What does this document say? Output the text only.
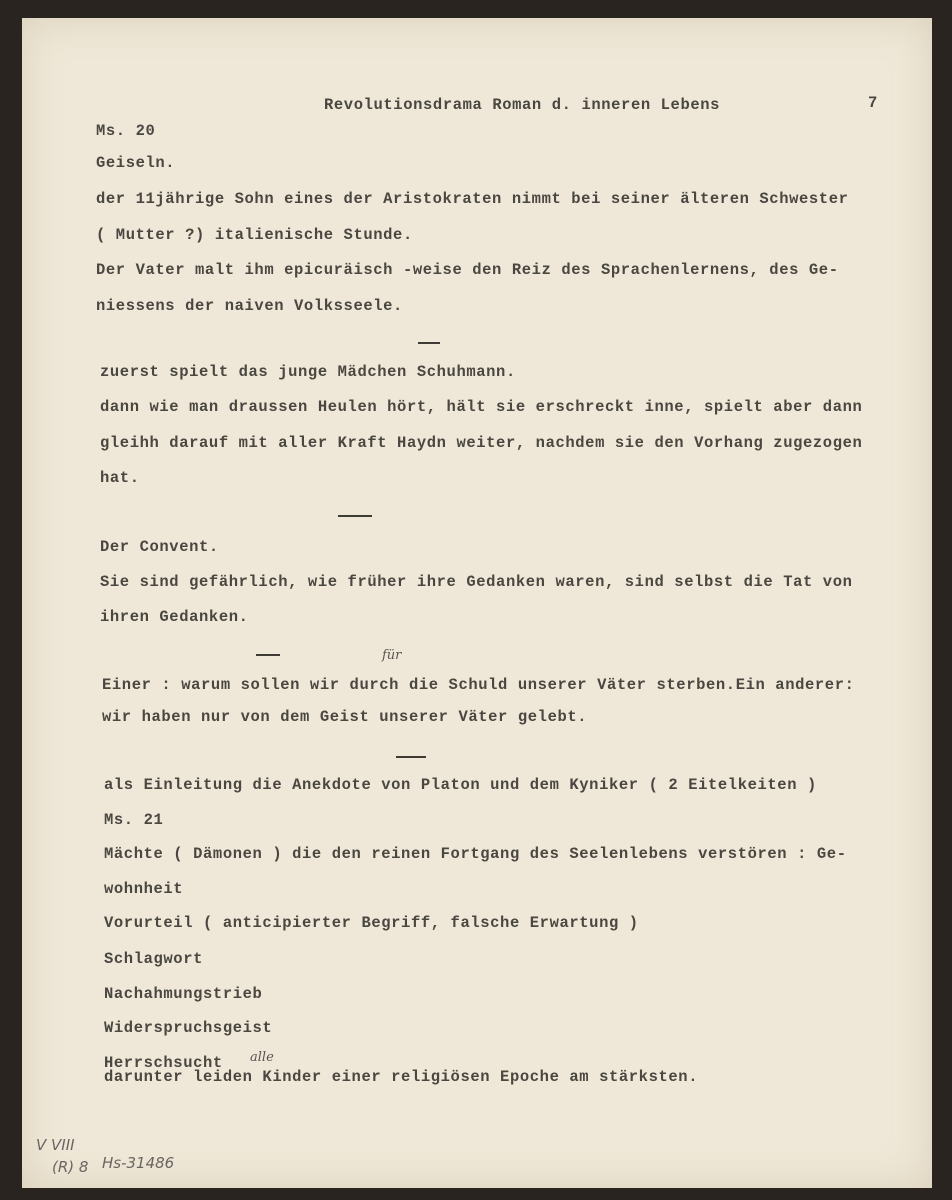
Revolutionsdrama Roman d. inneren Lebens	7
Ms. 20
Geiseln.
der 11jährige Sohn eines der Aristokraten nimmt bei seiner älteren Schwester
( Mutter ?) italienische Stunde.
Der Vater malt ihm epicuräisch -weise den Reiz des Sprachenlernens, des Ge-
niessens der naiven Volksseele.
zuerst spielt das junge Mädchen Schuhmann.
dann wie man draussen Heulen hört, hält sie erschreckt inne, spielt aber dann
gleihh darauf mit aller Kraft Haydn weiter, nachdem sie den Vorhang zugezogen
hat.
Der Convent.
Sie sind gefährlich, wie früher ihre Gedanken waren, sind selbst die Tat von
ihren Gedanken.
für
Einer : warum sollen wir durch die Schuld unserer Väter sterben.Ein anderer:
wir haben nur von dem Geist unserer Väter gelebt.
als Einleitung die Anekdote von Platon und dem Kyniker ( 2 Eitelkeiten )
Ms. 21
Mächte ( Dämonen ) die den reinen Fortgang des Seelenlebens verstören : Ge-
wohnheit
Vorurteil ( anticipierter Begriff, falsche Erwartung )
Schlagwort
Nachahmungstrieb
Widerspruchsgeist
Herrschsucht alle
darunter leiden Kinder einer religiösen Epoche am stärksten.
V VIII
(R) 8 Hs-31486
